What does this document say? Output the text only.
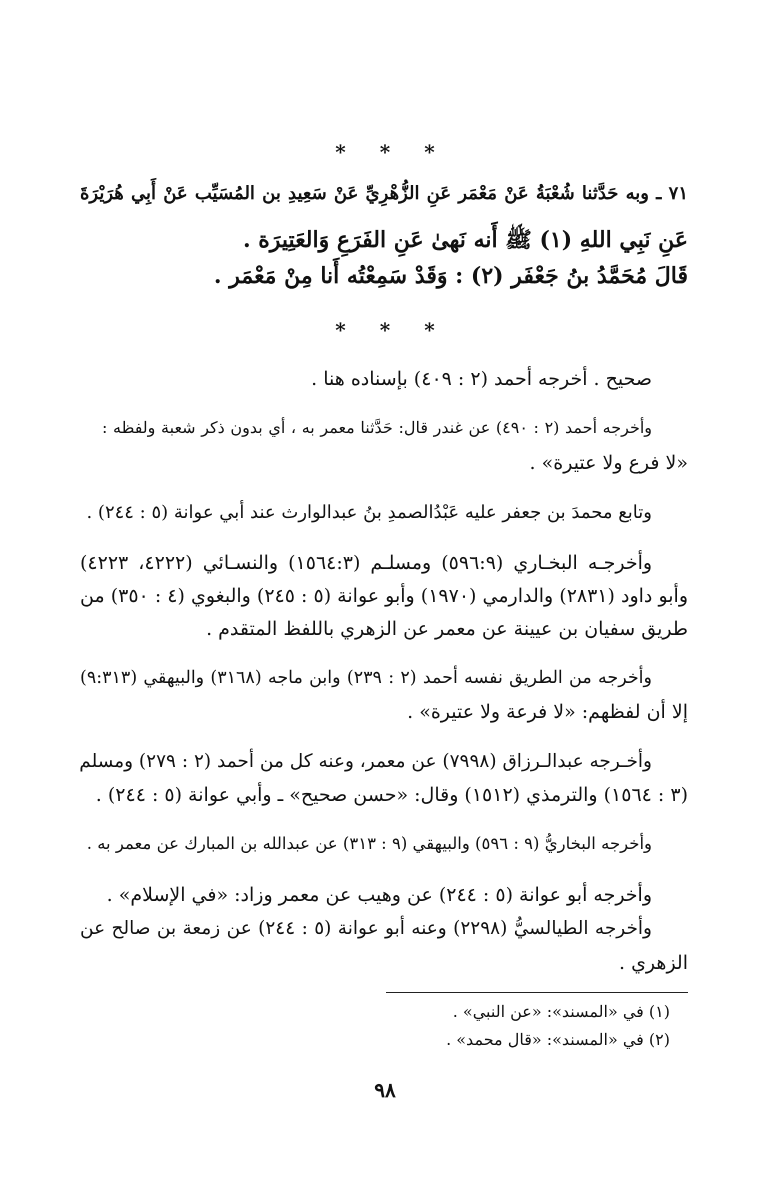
* * *
٧١ ـ وبه حَدَّثنا شُعْبَةُ عَنْ مَعْمَر عَنِ الزُّهْرِيِّ عَنْ سَعِيدِ بن المُسَيِّب عَنْ أَبِي هُرَيْرَةَ
عَنِ نَبِي اللهِ (١) ﷺ أَنه نَهىٰ عَنِ الفَرَعِ وَالعَتِيرَة .
قَالَ مُحَمَّدُ بنُ جَعْفَر (٢) : وَقَدْ سَمِعْتُه أَنا مِنْ مَعْمَر .
* * *
صحيح . أخرجه أحمد (٢ : ٤٠٩) بإسناده هنا .
وأخرجه أحمد (٢ : ٤٩٠) عن غندر قال: حَدَّثنا معمر به ، أي بدون ذكر شعبة ولفظه :
«لا فرع ولا عتيرة» .
وتابع محمدَ بن جعفر عليه عَبْدُالصمدِ بنُ عبدالوارث عند أبي عوانة (٥ : ٢٤٤) .
وأخرجـه البخـاري (٥٩٦:٩) ومسلـم (١٥٦٤:٣) والنسـائي (٤٢٢٢، ٤٢٢٣)
وأبو داود (٢٨٣١) والدارمي (١٩٧٠) وأبو عوانة (٥ : ٢٤٥) والبغوي (٤ : ٣٥٠) من
طريق سفيان بن عيينة عن معمر عن الزهري باللفظ المتقدم .
وأخرجه من الطريق نفسه أحمد (٢ : ٢٣٩) وابن ماجه (٣١٦٨) والبيهقي (٩:٣١٣)
إلا أن لفظهم: «لا فرعة ولا عتيرة» .
وأخـرجه عبدالـرزاق (٧٩٩٨) عن معمر، وعنه كل من أحمد (٢ : ٢٧٩) ومسلم
(٣ : ١٥٦٤) والترمذي (١٥١٢) وقال: «حسن صحيح» ـ وأبي عوانة (٥ : ٢٤٤) .
وأخرجه البخاريُّ (٩ : ٥٩٦) والبيهقي (٩ : ٣١٣) عن عبدالله بن المبارك عن معمر به .
وأخرجه أبو عوانة (٥ : ٢٤٤) عن وهيب عن معمر وزاد: «في الإسلام» .
وأخرجه الطيالسيُّ (٢٢٩٨) وعنه أبو عوانة (٥ : ٢٤٤) عن زمعة بن صالح عن
الزهري .
(١) في «المسند»: «عن النبي» .
(٢) في «المسند»: «قال محمد» .
٩٨
